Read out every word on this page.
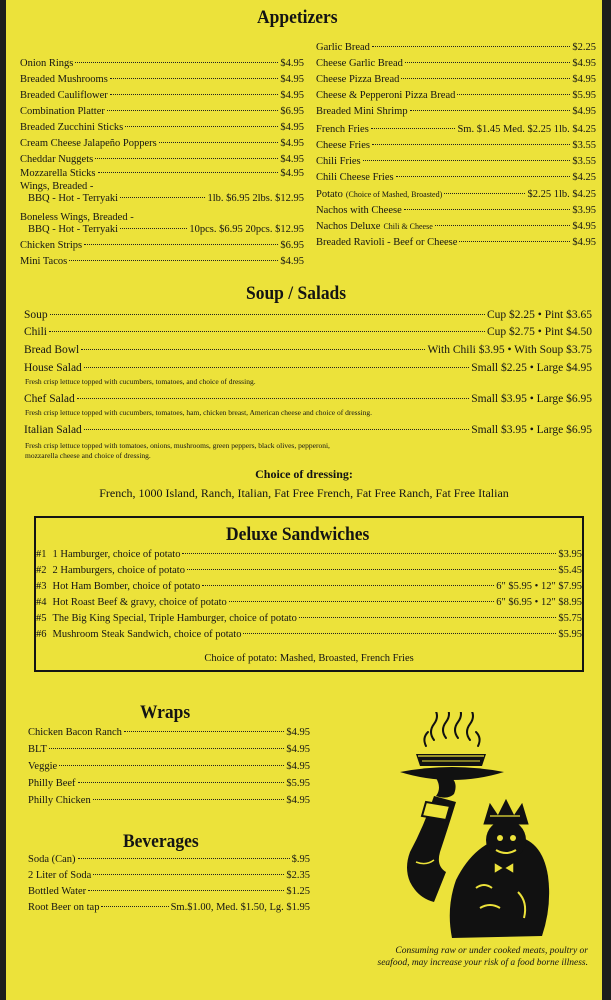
Appetizers
Wings, Breaded -
BBQ - Hot - Terryaki	1lb. $6.95 2lbs. $12.95
Boneless Wings, Breaded -
BBQ - Hot - Terryaki	10pcs. $6.95 20pcs. $12.95
Chicken Strips	$6.95
Mini Tacos	$4.95
Soup / Salads
Soup	Cup $2.25 • Pint $3.65
Chili	Cup $2.75 • Pint $4.50
Bread Bowl	With Chili $3.95 • With Soup $3.75
House Salad	Small $2.25 • Large $4.95
Fresh crisp lettuce topped with cucumbers, tomatoes, and choice of dressing.
Chef Salad	Small $3.95 • Large $6.95
Fresh crisp lettuce topped with cucumbers, tomatoes, ham, chicken breast, American cheese and choice of dressing.
Italian Salad	Small $3.95 • Large $6.95
Fresh crisp lettuce topped with tomatoes, onions, mushrooms, green peppers, black olives, pepperoni,
mozzarella cheese and choice of dressing.
Choice of dressing:
French, 1000 Island, Ranch, Italian, Fat Free French, Fat Free Ranch, Fat Free Italian
Deluxe Sandwiches
Choice of potato: Mashed, Broasted, French Fries
Wraps
Beverages
Consuming raw or under cooked meats, poultry or
seafood, may increase your risk of a food borne illness.
Onion Rings	$4.95
Breaded Mushrooms	$4.95
Breaded Cauliflower	$4.95
Combination Platter	$6.95
Breaded Zucchini Sticks	$4.95
Cream Cheese Jalapeño Poppers	$4.95
Cheddar Nuggets	$4.95
Mozzarella Sticks	$4.95
Garlic Bread	$2.25
Cheese Garlic Bread	$4.95
Cheese Pizza Bread	$4.95
Cheese & Pepperoni Pizza Bread	$5.95
Breaded Mini Shrimp	$4.95
French Fries	Sm. $1.45 Med. $2.25 1lb. $4.25
Cheese Fries	$3.55
Chili Fries	$3.55
Chili Cheese Fries	$4.25
Potato (Choice of Mashed, Broasted)	$2.25 1lb. $4.25
Nachos with Cheese	$3.95
Nachos Deluxe Chili & Cheese	$4.95
Breaded Ravioli - Beef or Cheese	$4.95
#1 1 Hamburger, choice of potato	$3.95
#2 2 Hamburgers, choice of potato	$5.45
#3 Hot Ham Bomber, choice of potato	6" $5.95 • 12" $7.95
#4 Hot Roast Beef & gravy, choice of potato	6" $6.95 • 12" $8.95
#5 The Big King Special, Triple Hamburger, choice of potato	$5.75
#6 Mushroom Steak Sandwich, choice of potato	$5.95
Chicken Bacon Ranch	$4.95
BLT	$4.95
Veggie	$4.95
Philly Beef	$5.95
Philly Chicken	$4.95
Soda (Can)	$.95
2 Liter of Soda	$2.35
Bottled Water	$1.25
Root Beer on tap	Sm.$1.00, Med. $1.50, Lg. $1.95
